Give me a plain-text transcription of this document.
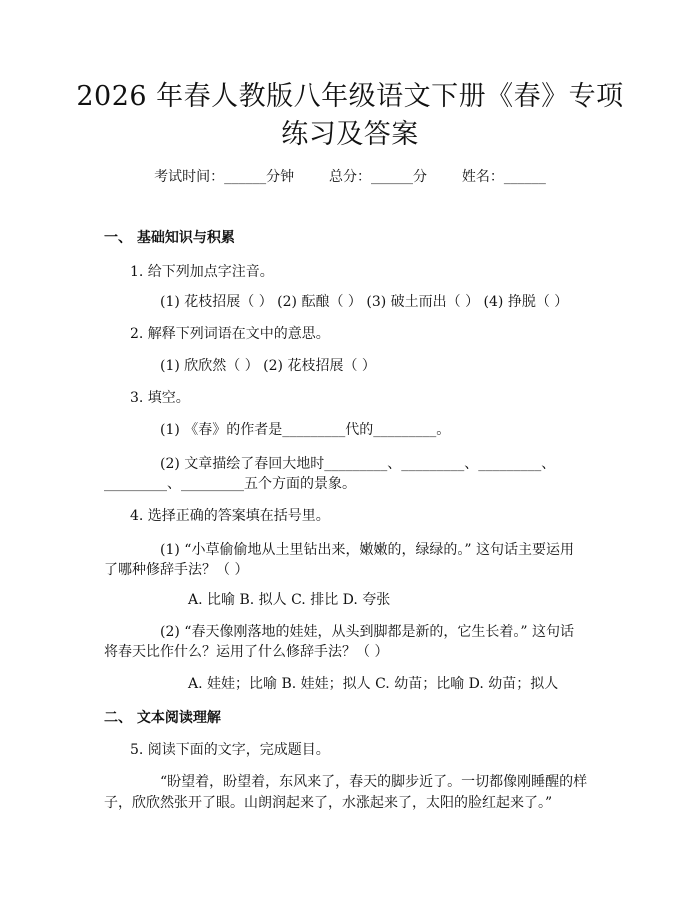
2026 年春人教版八年级语文下册《春》专项
练习及答案
考试时间：______分钟 总分：______分 姓名：______
一、 基础知识与积累
1. 给下列加点字注音。
(1) 花枝招展（ ） (2) 酝酿（ ） (3) 破土而出（ ） (4) 挣脱（ ）
2. 解释下列词语在文中的意思。
(1) 欣欣然（ ） (2) 花枝招展（ ）
3. 填空。
(1) 《春》的作者是_________代的_________。
(2) 文章描绘了春回大地时_________、_________、_________、
_________、_________五个方面的景象。
4. 选择正确的答案填在括号里。
(1) “小草偷偷地从土里钻出来，嫩嫩的，绿绿的。” 这句话主要运用
了哪种修辞手法？（ ）
A. 比喻 B. 拟人 C. 排比 D. 夸张
(2) “春天像刚落地的娃娃，从头到脚都是新的，它生长着。” 这句话
将春天比作什么？运用了什么修辞手法？（ ）
A. 娃娃；比喻 B. 娃娃；拟人 C. 幼苗；比喻 D. 幼苗；拟人
二、 文本阅读理解
5. 阅读下面的文字，完成题目。
“盼望着，盼望着，东风来了，春天的脚步近了。一切都像刚睡醒的样
子，欣欣然张开了眼。山朗润起来了，水涨起来了，太阳的脸红起来了。”
